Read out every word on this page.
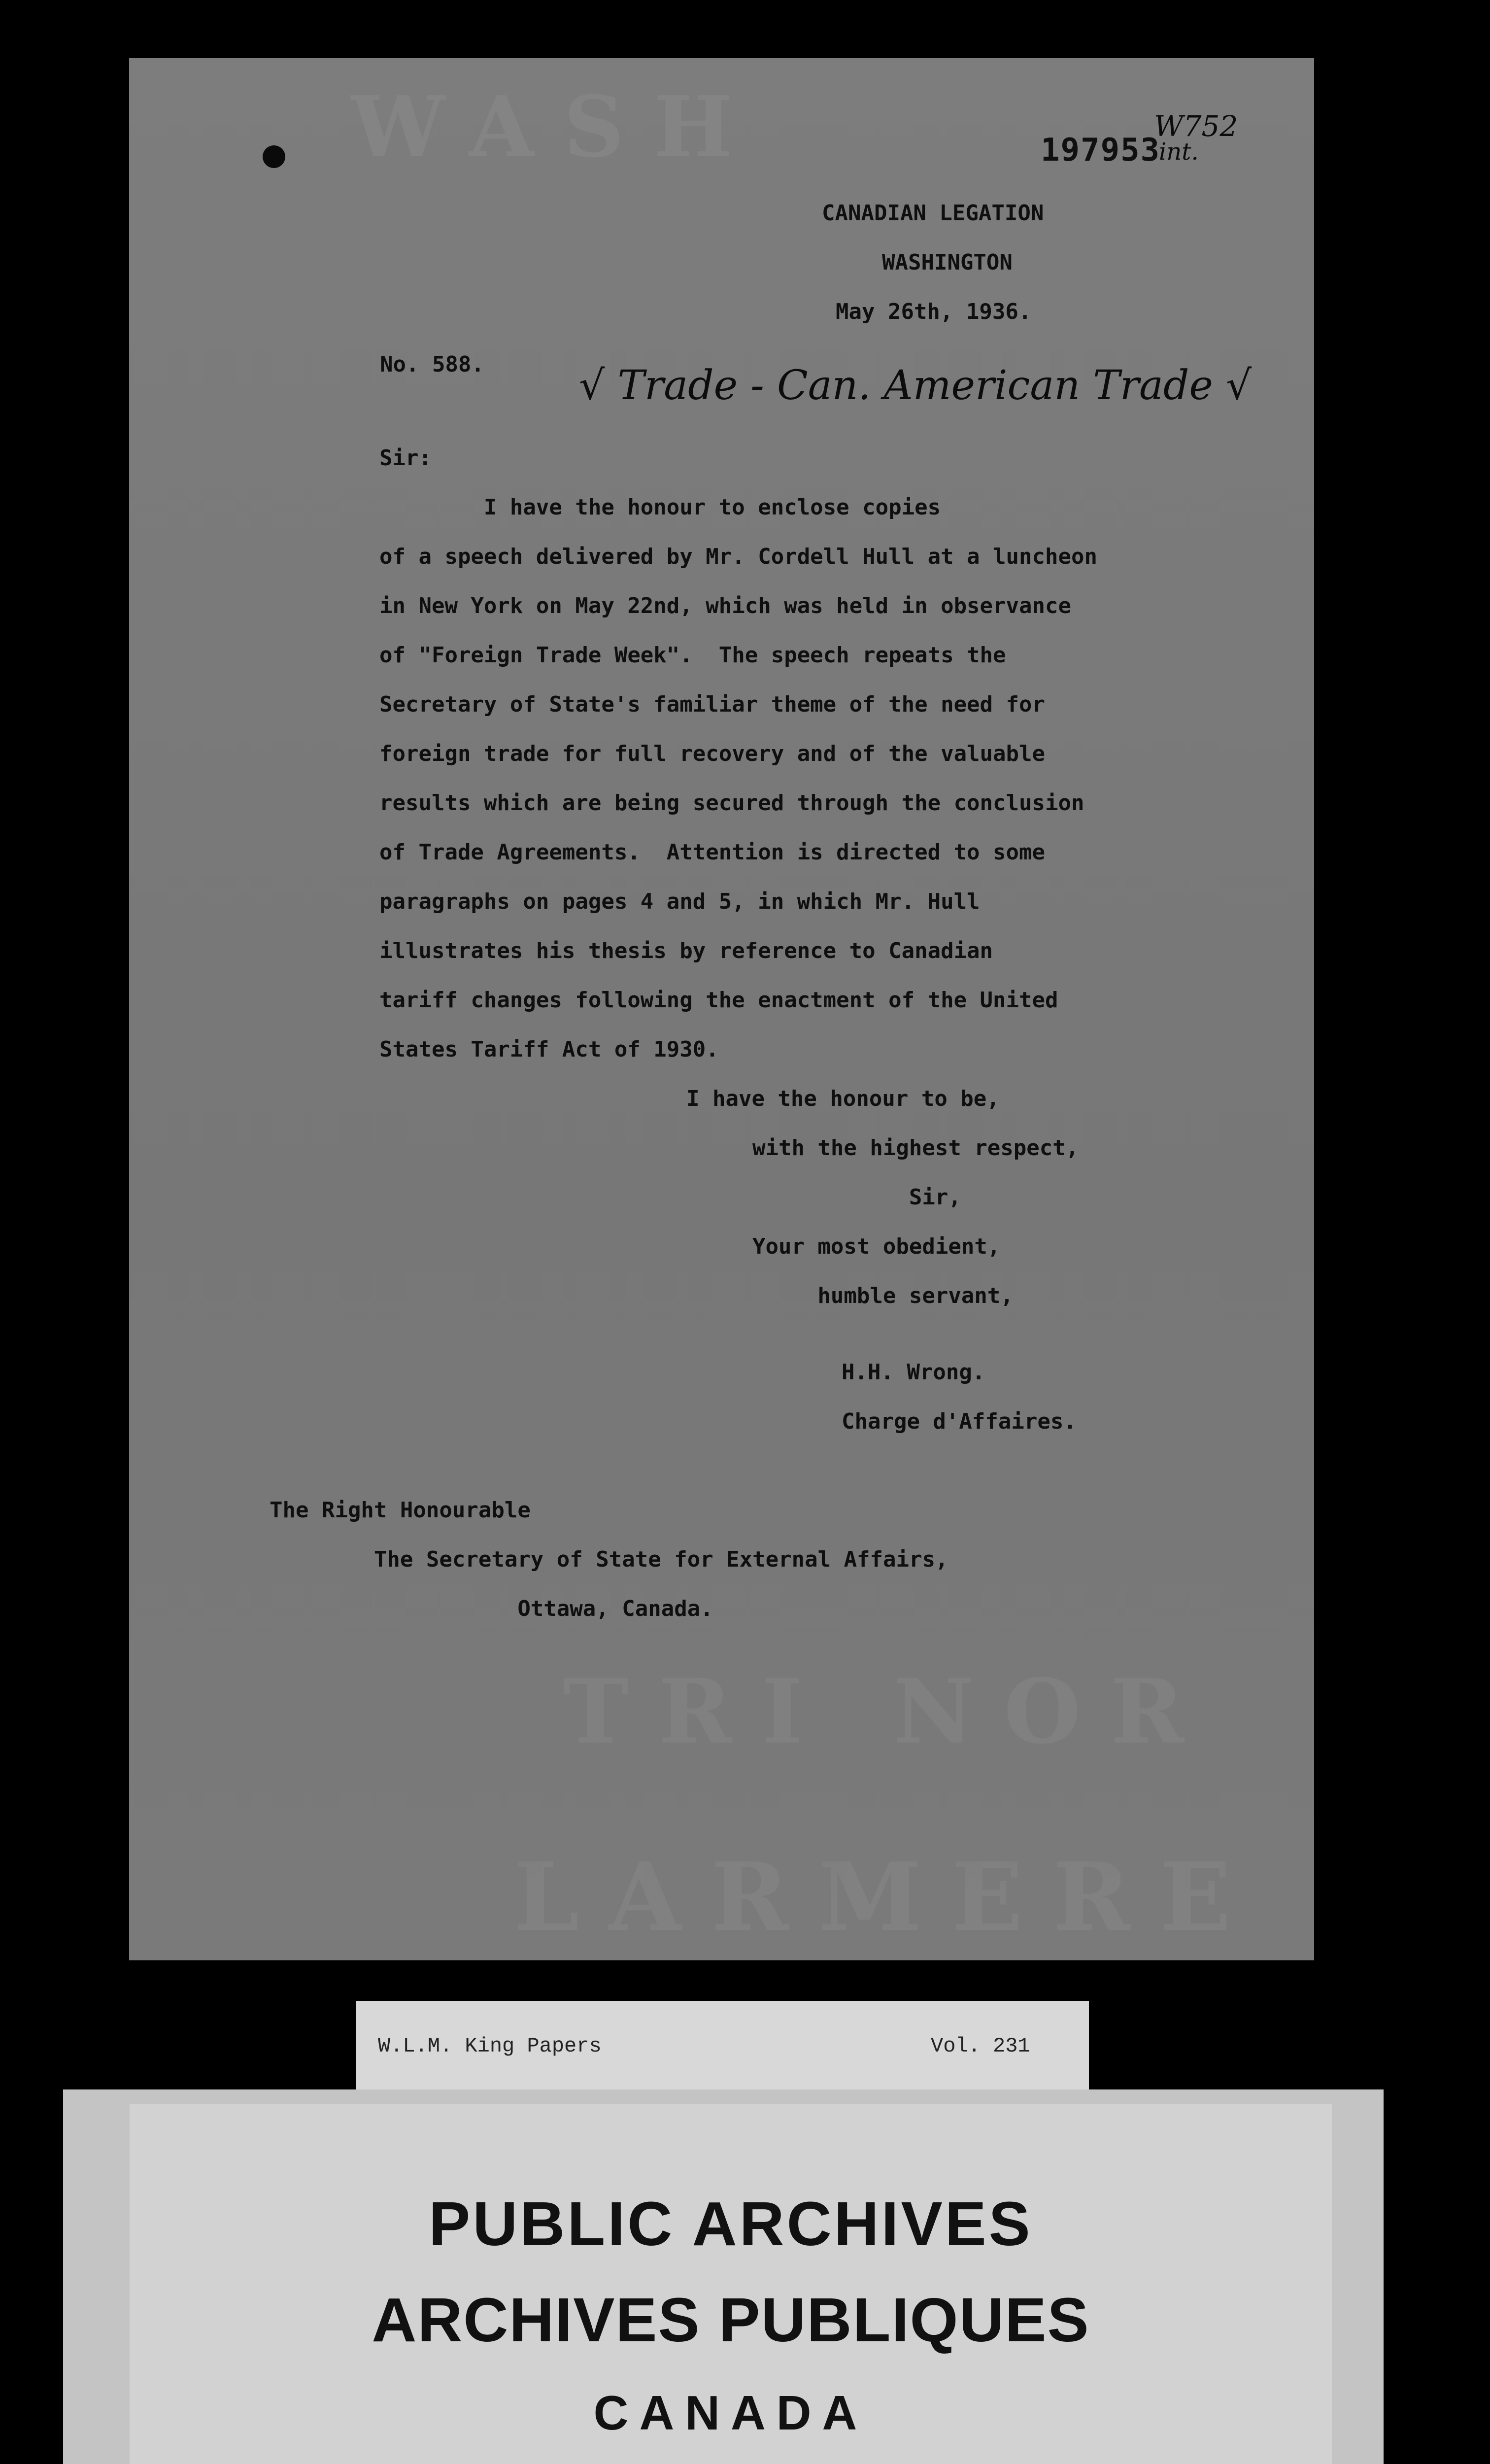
WASH
TRI NOR
LARMERE
197953
W752
int.
CANADIAN LEGATION
WASHINGTON
May 26th, 1936.
No. 588. √ Trade - Can. American Trade √
Sir:
I have the honour to enclose copies
of a speech delivered by Mr. Cordell Hull at a luncheon
in New York on May 22nd, which was held in observance
of "Foreign Trade Week".  The speech repeats the
Secretary of State's familiar theme of the need for
foreign trade for full recovery and of the valuable
results which are being secured through the conclusion
of Trade Agreements.  Attention is directed to some
paragraphs on pages 4 and 5, in which Mr. Hull
illustrates his thesis by reference to Canadian
tariff changes following the enactment of the United
States Tariff Act of 1930.
I have the honour to be,
with the highest respect,
Sir,
Your most obedient,
humble servant,
H.H. Wrong.
Charge d'Affaires.
The Right Honourable
The Secretary of State for External Affairs,
Ottawa, Canada.
W.L.M. King Papers	Vol. 231
PUBLIC ARCHIVES
ARCHIVES PUBLIQUES
CANADA
